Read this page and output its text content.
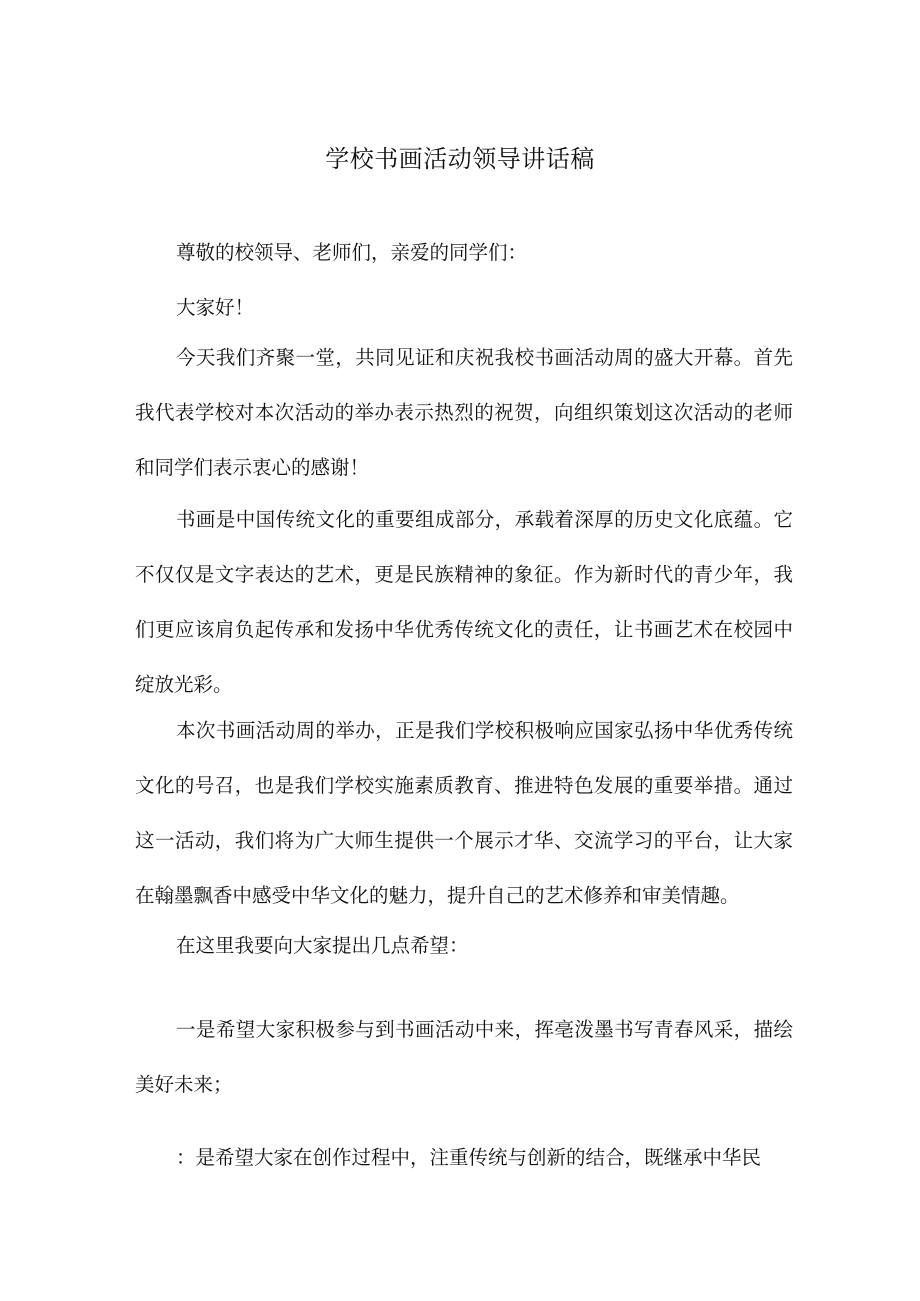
学校书画活动领导讲话稿

尊敬的校领导、老师们，亲爱的同学们：

大家好！

今天我们齐聚一堂，共同见证和庆祝我校书画活动周的盛大开幕。首先我代表学校对本次活动的举办表示热烈的祝贺，向组织策划这次活动的老师和同学们表示衷心的感谢！

书画是中国传统文化的重要组成部分，承载着深厚的历史文化底蕴。它不仅仅是文字表达的艺术，更是民族精神的象征。作为新时代的青少年，我们更应该肩负起传承和发扬中华优秀传统文化的责任，让书画艺术在校园中绽放光彩。

本次书画活动周的举办，正是我们学校积极响应国家弘扬中华优秀传统文化的号召，也是我们学校实施素质教育、推进特色发展的重要举措。通过这一活动，我们将为广大师生提供一个展示才华、交流学习的平台，让大家在翰墨飘香中感受中华文化的魅力，提升自己的艺术修养和审美情趣。

在这里我要向大家提出几点希望：

一是希望大家积极参与到书画活动中来，挥亳泼墨书写青春风采，描绘美好未来；

：是希望大家在创作过程中，注重传统与创新的结合，既继承中华民
